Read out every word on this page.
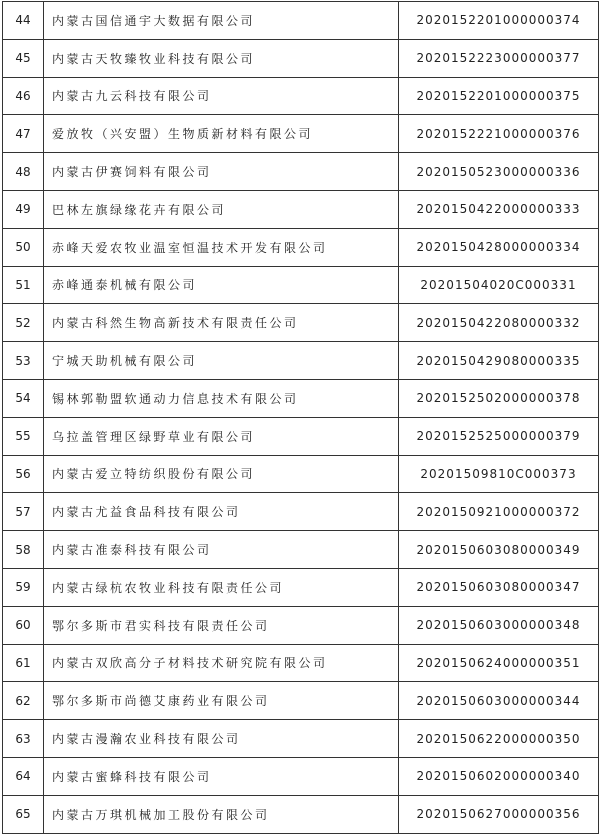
44	内蒙古国信通宇大数据有限公司	2020152201000000374
45	内蒙古天牧臻牧业科技有限公司	2020152223000000377
46	内蒙古九云科技有限公司	2020152201000000375
47	爱放牧（兴安盟）生物质新材料有限公司	2020152221000000376
48	内蒙古伊赛饲料有限公司	2020150523000000336
49	巴林左旗绿缘花卉有限公司	2020150422000000333
50	赤峰天爱农牧业温室恒温技术开发有限公司	2020150428000000334
51	赤峰通泰机械有限公司	20201504020C000331
52	内蒙古科然生物高新技术有限责任公司	2020150422080000332
53	宁城天助机械有限公司	2020150429080000335
54	锡林郭勒盟软通动力信息技术有限公司	2020152502000000378
55	乌拉盖管理区绿野草业有限公司	2020152525000000379
56	内蒙古爱立特纺织股份有限公司	20201509810C000373
57	内蒙古尤益食品科技有限公司	2020150921000000372
58	内蒙古准泰科技有限公司	2020150603080000349
59	内蒙古绿杭农牧业科技有限责任公司	2020150603080000347
60	鄂尔多斯市君实科技有限责任公司	2020150603000000348
61	内蒙古双欣高分子材料技术研究院有限公司	2020150624000000351
62	鄂尔多斯市尚德艾康药业有限公司	2020150603000000344
63	内蒙古漫瀚农业科技有限公司	2020150622000000350
64	内蒙古蜜蜂科技有限公司	2020150602000000340
65	内蒙古万琪机械加工股份有限公司	2020150627000000356
